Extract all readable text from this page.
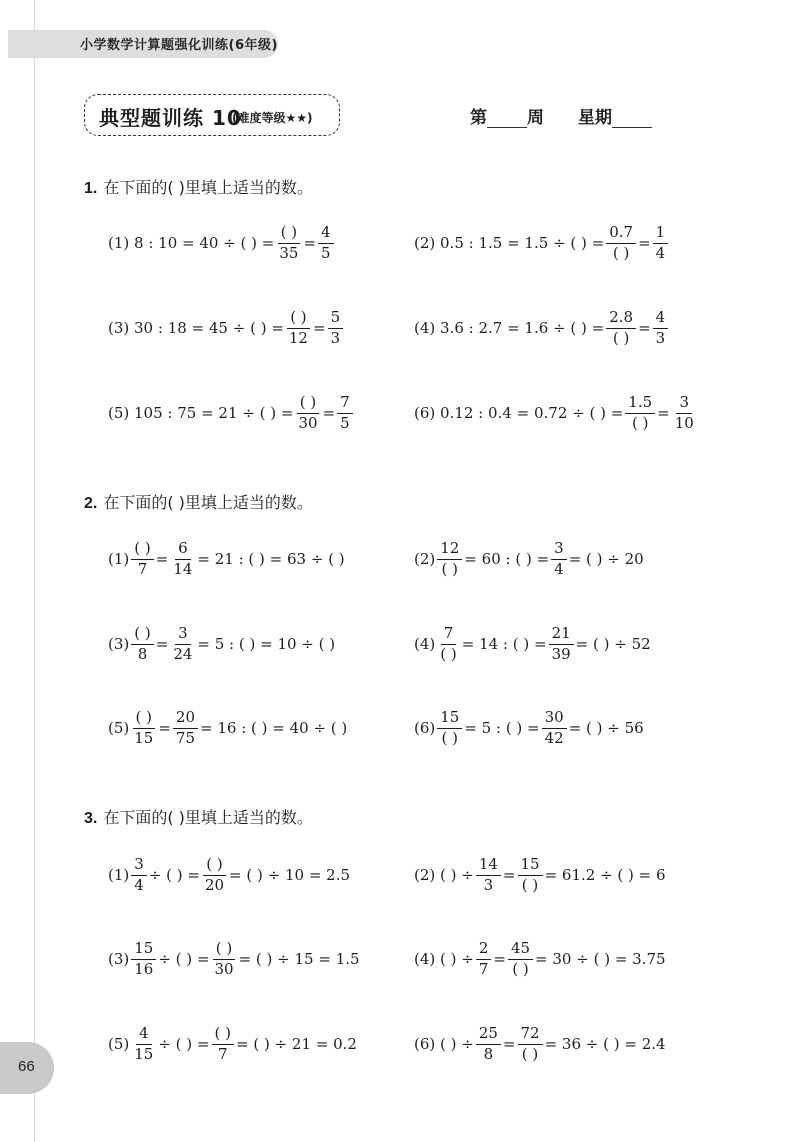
小学数学计算题强化训练(6年级)
典型题训练 10
(难度等级★★)	第 周 星期
1. 在下面的( )里填上适当的数。
(1) 8 : 10 = 40 ÷ ( ) = $\frac{( )}{35} = \frac{4}{5}$	(2) 0.5 : 1.5 = 1.5 ÷ ( ) = $\frac{0.7}{( )} = \frac{1}{4}$
(3) 30 : 18 = 45 ÷ ( ) = $\frac{( )}{12} = \frac{5}{3}$	(4) 3.6 : 2.7 = 1.6 ÷ ( ) = $\frac{2.8}{( )} = \frac{4}{3}$
(5) 105 : 75 = 21 ÷ ( ) = $\frac{( )}{30} = \frac{7}{5}$	(6) 0.12 : 0.4 = 0.72 ÷ ( ) = $\frac{1.5}{( )} = \frac{3}{10}$
2. 在下面的( )里填上适当的数。
$(1) \frac{( )}{7} = \frac{6}{14} = 21$ : ( ) = 63 ÷ ( )	$(2) \frac{12}{( )} = 60$ : ( ) = $\frac{3}{4}$ = ( ) ÷ 20
$(3) \frac{( )}{8} = \frac{3}{24} = 5$ : ( ) = 10 ÷ ( )	$(4) \frac{7}{( )} = 14$ : ( ) = $\frac{21}{39}$ = ( ) ÷ 52
$(5) \frac{( )}{15} = \frac{20}{75} = 16$ : ( ) = 40 ÷ ( )	$(6) \frac{15}{( )} = 5$ : ( ) = $\frac{30}{42}$ = ( ) ÷ 56
3. 在下面的( )里填上适当的数。
$(1) \frac{3}{4}$ ÷ ( ) = $\frac{( )}{20}$ = ( ) ÷ 10 = 2.5	(2) ( ) ÷ $\frac{14}{3} = \frac{15}{( )} = 61.2$ ÷ ( ) = 6
$(3) \frac{15}{16}$ ÷ ( ) = $\frac{( )}{30}$ = ( ) ÷ 15 = 1.5	(4) ( ) ÷ $\frac{2}{7} = \frac{45}{( )} = 30$ ÷ ( ) = 3.75
$(5) \frac{4}{15}$ ÷ ( ) = $\frac{( )}{7}$ = ( ) ÷ 21 = 0.2	(6) ( ) ÷ $\frac{25}{8} = \frac{72}{( )} = 36$ ÷ ( ) = 2.4
66
